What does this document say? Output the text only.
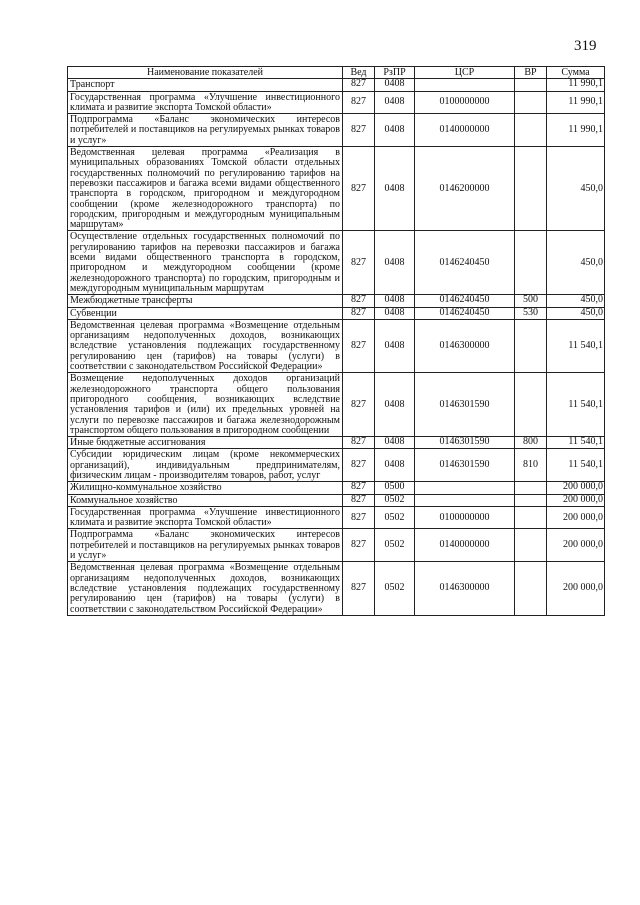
319
Наименование показателей	Вед	РзПР	ЦСР	ВР	Сумма
Транспорт	827	0408			11 990,1
Государственная программа «Улучшение инвестиционного климата и развитие экспорта Томской области»	827	0408	0100000000		11 990,1
Подпрограмма «Баланс экономических интересов потребителей и поставщиков на регулируемых рынках товаров и услуг»	827	0408	0140000000		11 990,1
Ведомственная целевая программа «Реализация в муниципальных образованиях Томской области отдельных государственных полномочий по регулированию тарифов на перевозки пассажиров и багажа всеми видами общественного транспорта в городском, пригородном и междугородном сообщении (кроме железнодорожного транспорта) по городским, пригородным и междугородным муниципальным маршрутам»	827	0408	0146200000		450,0
Осуществление отдельных государственных полномочий по регулированию тарифов на перевозки пассажиров и багажа всеми видами общественного транспорта в городском, пригородном и междугородном сообщении (кроме железнодорожного транспорта) по городским, пригородным и междугородным муниципальным маршрутам	827	0408	0146240450		450,0
Межбюджетные трансферты	827	0408	0146240450	500	450,0
Субвенции	827	0408	0146240450	530	450,0
Ведомственная целевая программа «Возмещение отдельным организациям недополученных доходов, возникающих вследствие установления подлежащих государственному регулированию цен (тарифов) на товары (услуги) в соответствии с законодательством Российской Федерации»	827	0408	0146300000		11 540,1
Возмещение недополученных доходов организаций железнодорожного транспорта общего пользования пригородного сообщения, возникающих вследствие установления тарифов и (или) их предельных уровней на услуги по перевозке пассажиров и багажа железнодорожным транспортом общего пользования в пригородном сообщении	827	0408	0146301590		11 540,1
Иные бюджетные ассигнования	827	0408	0146301590	800	11 540,1
Субсидии юридическим лицам (кроме некоммерческих организаций), индивидуальным предпринимателям, физическим лицам - производителям товаров, работ, услуг	827	0408	0146301590	810	11 540,1
Жилищно-коммунальное хозяйство	827	0500			200 000,0
Коммунальное хозяйство	827	0502			200 000,0
Государственная программа «Улучшение инвестиционного климата и развитие экспорта Томской области»	827	0502	0100000000		200 000,0
Подпрограмма «Баланс экономических интересов потребителей и поставщиков на регулируемых рынках товаров и услуг»	827	0502	0140000000		200 000,0
Ведомственная целевая программа «Возмещение отдельным организациям недополученных доходов, возникающих вследствие установления подлежащих государственному регулированию цен (тарифов) на товары (услуги) в соответствии с законодательством Российской Федерации»	827	0502	0146300000		200 000,0
